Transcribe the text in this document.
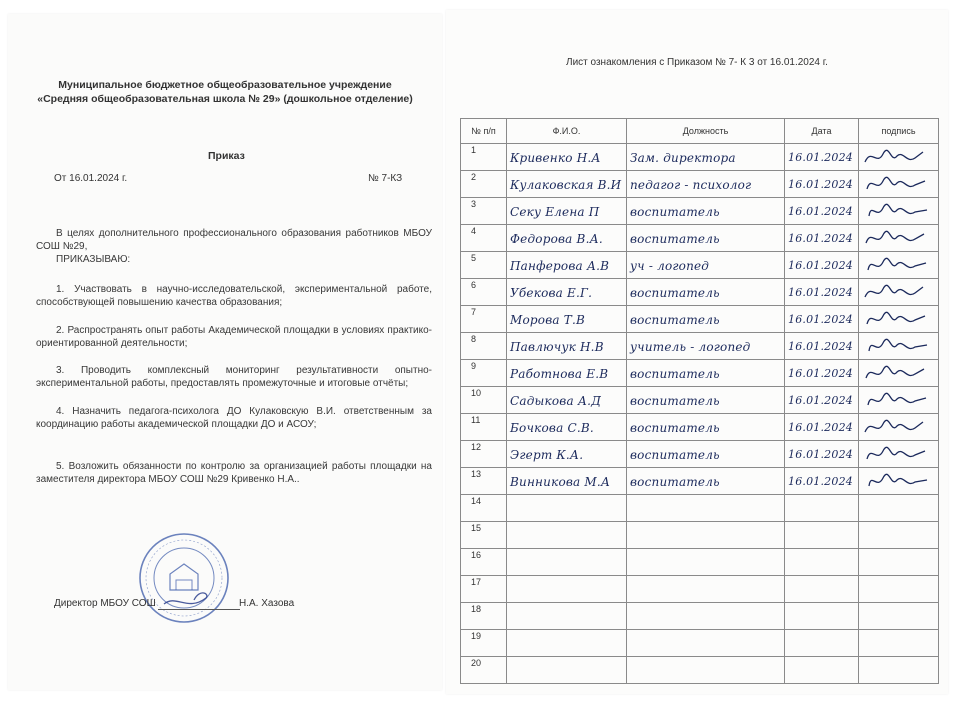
Муниципальное бюджетное общеобразовательное учреждение
«Средняя общеобразовательная школа № 29» (дошкольное отделение)
Приказ
От 16.01.2024 г.	№ 7-КЗ
В целях дополнительного профессионального образования работников МБОУ СОШ №29,
ПРИКАЗЫВАЮ:
1. Участвовать в научно-исследовательской, экспериментальной работе, способствующей повышению качества образования;
2. Распространять опыт работы Академической площадки в условиях практико-ориентированной деятельности;
3. Проводить комплексный мониторинг результативности опытно-экспериментальной работы, предоставлять промежуточные и итоговые отчёты;
4. Назначить педагога-психолога ДО Кулаковскую В.И. ответственным за координацию работы академической площадки ДО и АСОУ;
5. Возложить обязанности по контролю за организацией работы площадки на заместителя директора МБОУ СОШ №29 Кривенко Н.А..
Директор МБОУ СОШ	Н.А. Хазова
Лист ознакомления с Приказом № 7- К 3 от 16.01.2024 г.
№ п/п	Ф.И.О.	Должность	Дата	подпись
1	Кривенко Н.А	Зам. директора	16.01.2024

2	Кулаковская В.И	педагог - психолог	16.01.2024

3	Секу Елена П	воспитатель	16.01.2024

4	Федорова В.А.	воспитатель	16.01.2024

5	Панферова А.В	уч - логопед	16.01.2024

6	Убекова Е.Г.	воспитатель	16.01.2024

7	Морова Т.В	воспитатель	16.01.2024

8	Павлючук Н.В	учитель - логопед	16.01.2024

9	Работнова Е.В	воспитатель	16.01.2024

10	Садыкова А.Д	воспитатель	16.01.2024

11	Бочкова С.В.	воспитатель	16.01.2024

12	Эгерт К.А.	воспитатель	16.01.2024

13	Винникова М.А	воспитатель	16.01.2024

14	

15	

16	

17	

18	

19	

20	
